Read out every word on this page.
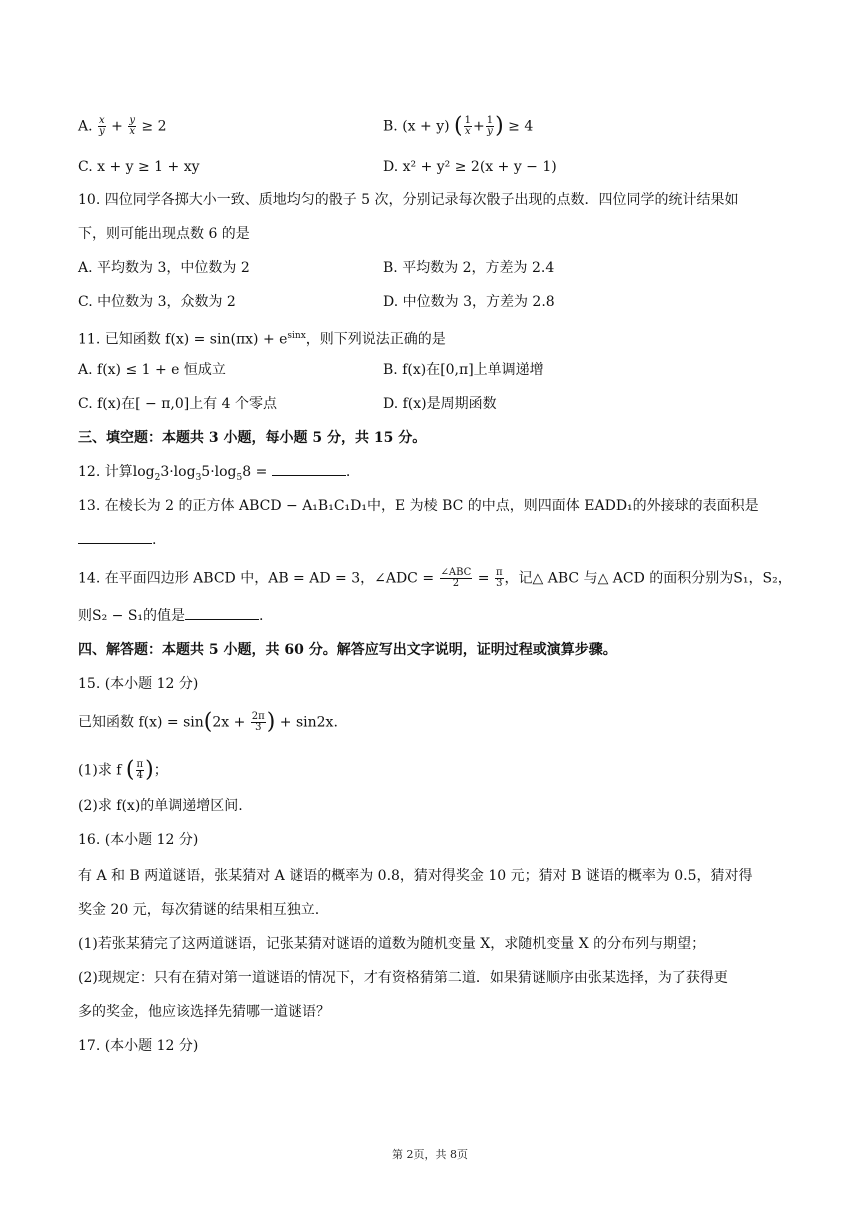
A. $\frac{x}{y} + \frac{y}{x} \ge 2$	B. (x + y) ( $\frac{1}{x} + \frac{1}{y}$ ) ≥ 4
C. x + y ≥ 1 + xy	D. x² + y² ≥ 2(x + y − 1)
10. 四位同学各掷大小一致、质地均匀的骰子 5 次，分别记录每次骰子出现的点数．四位同学的统计结果如
下，则可能出现点数 6 的是
A. 平均数为 3，中位数为 2	B. 平均数为 2，方差为 2.4
C. 中位数为 3，众数为 2	D. 中位数为 3，方差为 2.8
11. 已知函数 $f(x) = \sin(\pi x) + e^{sinx}$，则下列说法正确的是
A. f(x) ≤ 1 + e 恒成立	B. f(x)在[0,π]上单调递增
C. f(x)在[ − π,0]上有 4 个零点	D. f(x)是周期函数
三、填空题：本题共 3 小题，每小题 5 分，共 15 分。
12. 计算$\log_23\cdot\log_35\cdot\log_58$ =	.
13. 在棱长为 2 的正方体 ABCD − A₁B₁C₁D₁中，E 为棱 BC 的中点，则四面体 EADD₁的外接球的表面积是
.
14. 在平面四边形 ABCD 中，AB = AD = 3，∠ADC = $\frac{\text{∠ABC}}{2} = \frac{\pi}{3}$ ，记△ ABC 与△ ACD 的面积分别为S₁，S₂，
则S₂ − S₁的值是	.
四、解答题：本题共 5 小题，共 60 分。解答应写出文字说明，证明过程或演算步骤。
15. (本小题 12 分)
已知函数 $f(x) = \sin(2x + \frac{2\pi}{3}$ ) + sin2x.
(1)求 f ( $\frac{\pi}{4}$ )；
(2)求 f(x)的单调递增区间.
16. (本小题 12 分)
有 A 和 B 两道谜语，张某猜对 A 谜语的概率为 0.8，猜对得奖金 10 元；猜对 B 谜语的概率为 0.5，猜对得
奖金 20 元，每次猜谜的结果相互独立.
(1)若张某猜完了这两道谜语，记张某猜对谜语的道数为随机变量 X，求随机变量 X 的分布列与期望；
(2)现规定：只有在猜对第一道谜语的情况下，才有资格猜第二道．如果猜谜顺序由张某选择，为了获得更
多的奖金，他应该选择先猜哪一道谜语？
17. (本小题 12 分)
第 2页，共 8页
